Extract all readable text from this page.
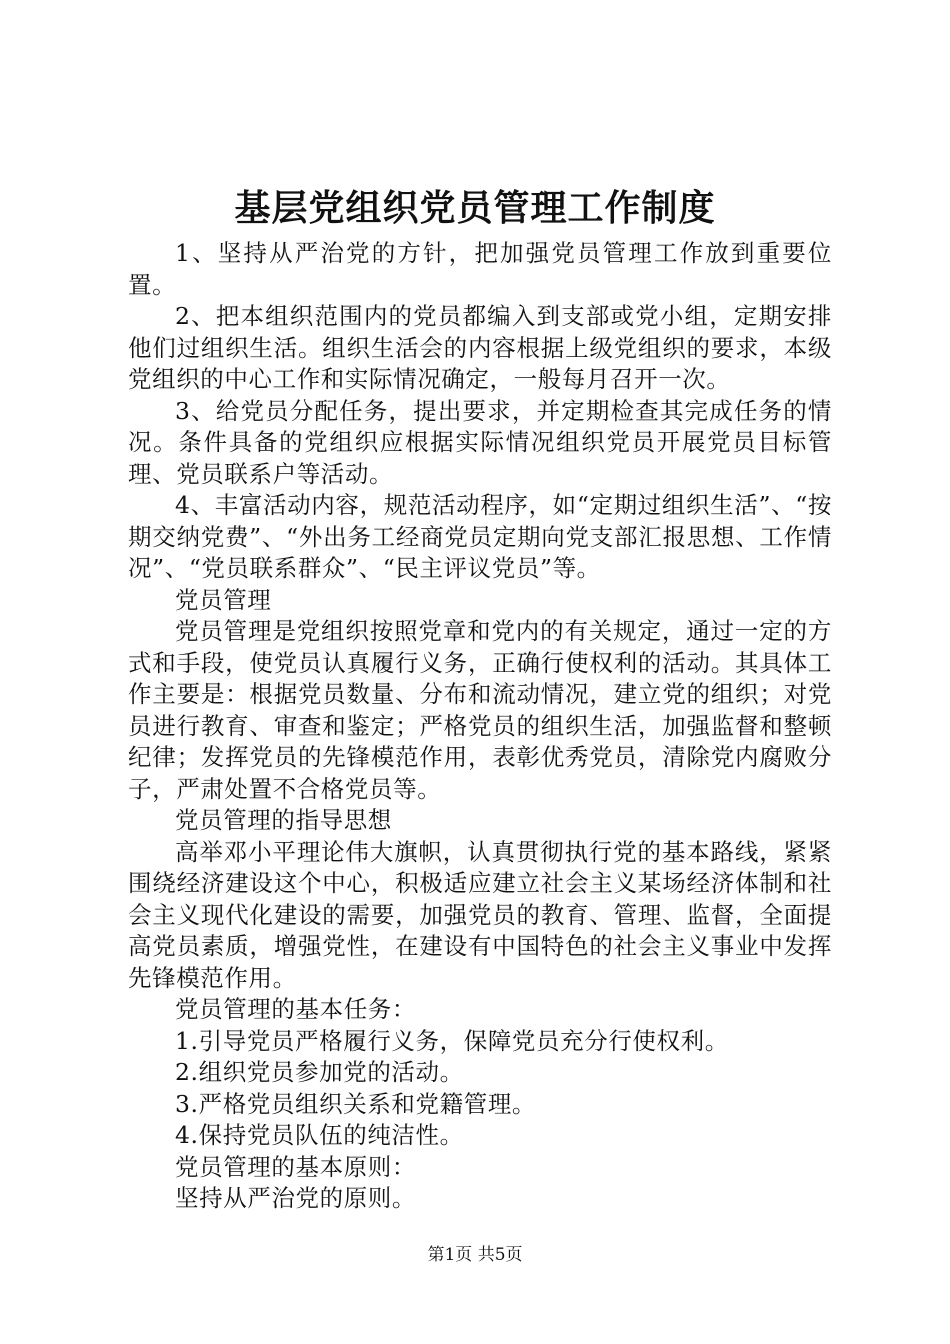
基层党组织党员管理工作制度

1、坚持从严治党的方针，把加强党员管理工作放到重要位置。

2、把本组织范围内的党员都编入到支部或党小组，定期安排他们过组织生活。组织生活会的内容根据上级党组织的要求，本级党组织的中心工作和实际情况确定，一般每月召开一次。

3、给党员分配任务，提出要求，并定期检查其完成任务的情况。条件具备的党组织应根据实际情况组织党员开展党员目标管理、党员联系户等活动。

4、丰富活动内容，规范活动程序，如“定期过组织生活”、“按期交纳党费”、“外出务工经商党员定期向党支部汇报思想、工作情况”、“党员联系群众”、“民主评议党员”等。

党员管理

党员管理是党组织按照党章和党内的有关规定，通过一定的方式和手段，使党员认真履行义务，正确行使权利的活动。其具体工作主要是：根据党员数量、分布和流动情况，建立党的组织；对党员进行教育、审查和鉴定；严格党员的组织生活，加强监督和整顿纪律；发挥党员的先锋模范作用，表彰优秀党员，清除党内腐败分子，严肃处置不合格党员等。

党员管理的指导思想

高举邓小平理论伟大旗帜，认真贯彻执行党的基本路线，紧紧围绕经济建设这个中心，积极适应建立社会主义某场经济体制和社会主义现代化建设的需要，加强党员的教育、管理、监督，全面提高党员素质，增强党性，在建设有中国特色的社会主义事业中发挥先锋模范作用。

党员管理的基本任务：

1.引导党员严格履行义务，保障党员充分行使权利。

2.组织党员参加党的活动。

3.严格党员组织关系和党籍管理。

4.保持党员队伍的纯洁性。

党员管理的基本原则：

坚持从严治党的原则。

第1页 共5页
